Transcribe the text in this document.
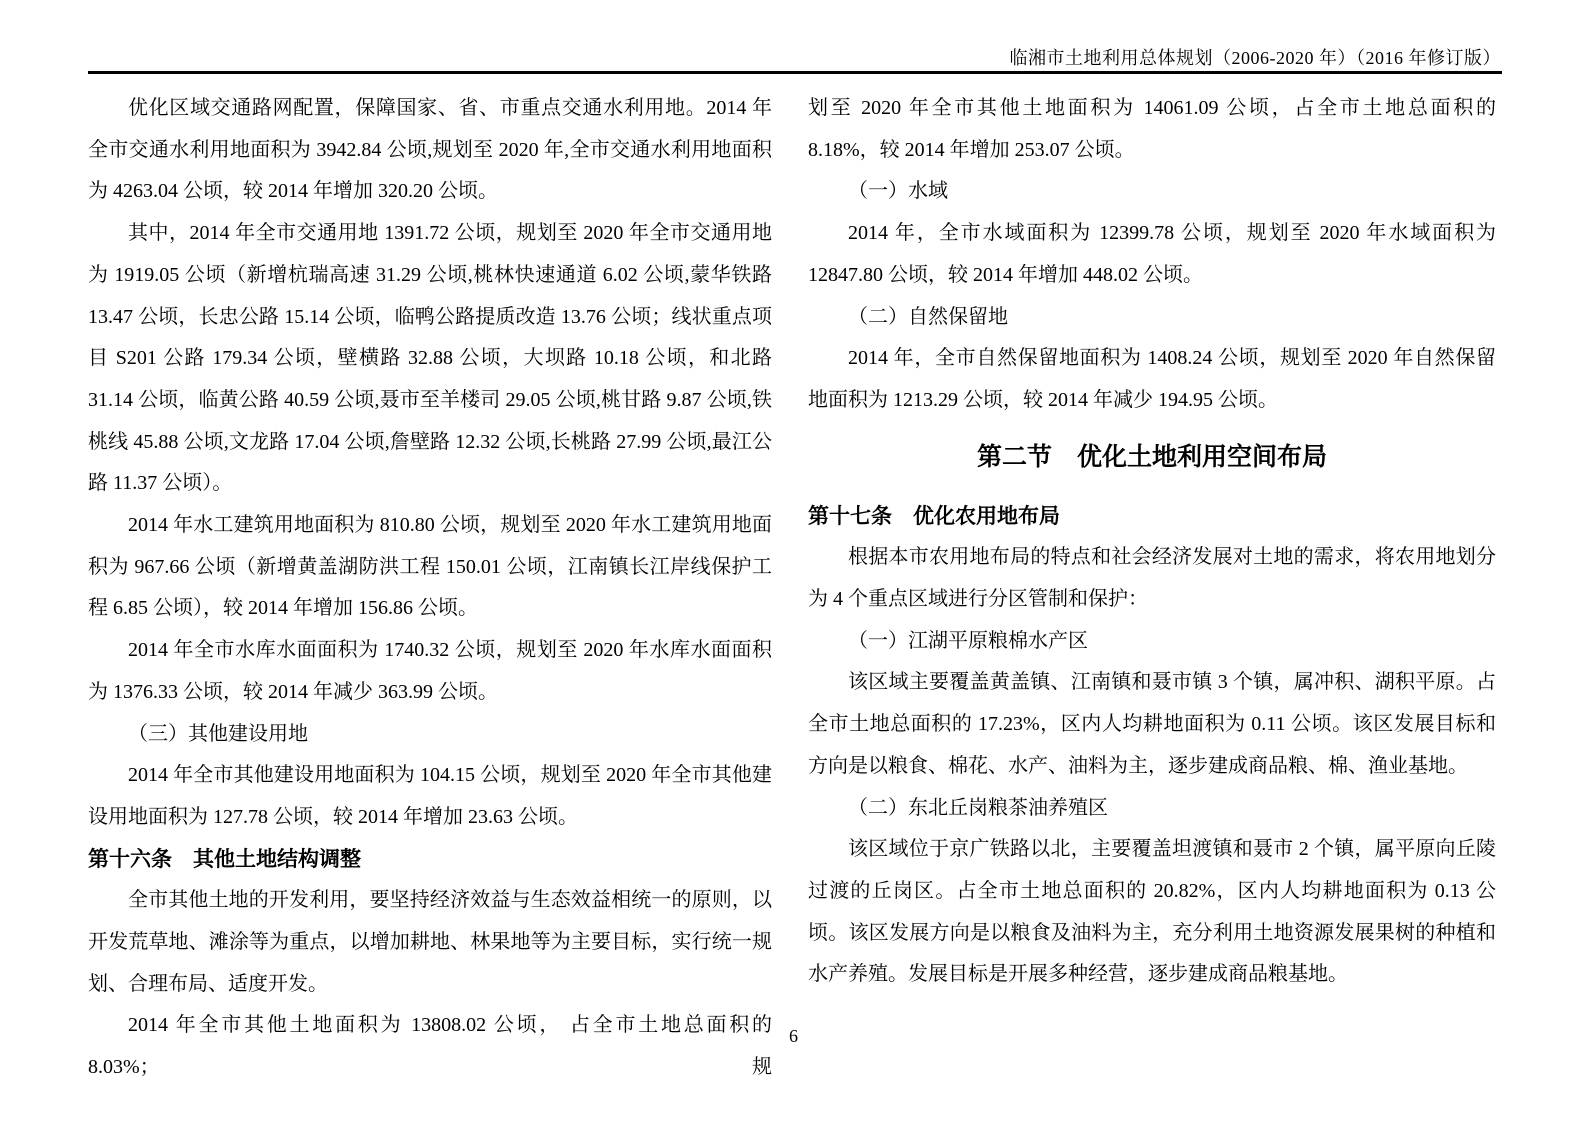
临湘市土地利用总体规划（2006-2020 年）（2016 年修订版）

优化区域交通路网配置，保障国家、省、市重点交通水利用地。2014 年全市交通水利用地面积为 3942.84 公顷,规划至 2020 年,全市交通水利用地面积为 4263.04 公顷，较 2014 年增加 320.20 公顷。

其中，2014 年全市交通用地 1391.72 公顷，规划至 2020 年全市交通用地为 1919.05 公顷（新增杭瑞高速 31.29 公顷,桃林快速通道 6.02 公顷,蒙华铁路 13.47 公顷，长忠公路 15.14 公顷，临鸭公路提质改造 13.76 公顷；线状重点项目 S201 公路 179.34 公顷，壁横路 32.88 公顷，大坝路 10.18 公顷，和北路 31.14 公顷，临黄公路 40.59 公顷,聂市至羊楼司 29.05 公顷,桃甘路 9.87 公顷,铁桃线 45.88 公顷,文龙路 17.04 公顷,詹壁路 12.32 公顷,长桃路 27.99 公顷,最江公路 11.37 公顷）。

2014 年水工建筑用地面积为 810.80 公顷，规划至 2020 年水工建筑用地面积为 967.66 公顷（新增黄盖湖防洪工程 150.01 公顷，江南镇长江岸线保护工程 6.85 公顷），较 2014 年增加 156.86 公顷。

2014 年全市水库水面面积为 1740.32 公顷，规划至 2020 年水库水面面积为 1376.33 公顷，较 2014 年减少 363.99 公顷。

（三）其他建设用地

2014 年全市其他建设用地面积为 104.15 公顷，规划至 2020 年全市其他建设用地面积为 127.78 公顷，较 2014 年增加 23.63 公顷。

第十六条　其他土地结构调整

全市其他土地的开发利用，要坚持经济效益与生态效益相统一的原则，以开发荒草地、滩涂等为重点，以增加耕地、林果地等为主要目标，实行统一规划、合理布局、适度开发。

2014 年全市其他土地面积为 13808.02 公顷， 占全市土地总面积的 8.03%； 规

划至 2020 年全市其他土地面积为 14061.09 公顷，占全市土地总面积的 8.18%，较 2014 年增加 253.07 公顷。

（一）水域

2014 年，全市水域面积为 12399.78 公顷，规划至 2020 年水域面积为 12847.80 公顷，较 2014 年增加 448.02 公顷。

（二）自然保留地

2014 年，全市自然保留地面积为 1408.24 公顷，规划至 2020 年自然保留地面积为 1213.29 公顷，较 2014 年减少 194.95 公顷。

第二节　优化土地利用空间布局
第十七条　优化农用地布局

根据本市农用地布局的特点和社会经济发展对土地的需求，将农用地划分为 4 个重点区域进行分区管制和保护：

（一）江湖平原粮棉水产区

该区域主要覆盖黄盖镇、江南镇和聂市镇 3 个镇，属冲积、湖积平原。占全市土地总面积的 17.23%，区内人均耕地面积为 0.11 公顷。该区发展目标和方向是以粮食、棉花、水产、油料为主，逐步建成商品粮、棉、渔业基地。

（二）东北丘岗粮茶油养殖区

该区域位于京广铁路以北，主要覆盖坦渡镇和聂市 2 个镇，属平原向丘陵过渡的丘岗区。占全市土地总面积的 20.82%，区内人均耕地面积为 0.13 公顷。该区发展方向是以粮食及油料为主，充分利用土地资源发展果树的种植和水产养殖。发展目标是开展多种经营，逐步建成商品粮基地。

6
